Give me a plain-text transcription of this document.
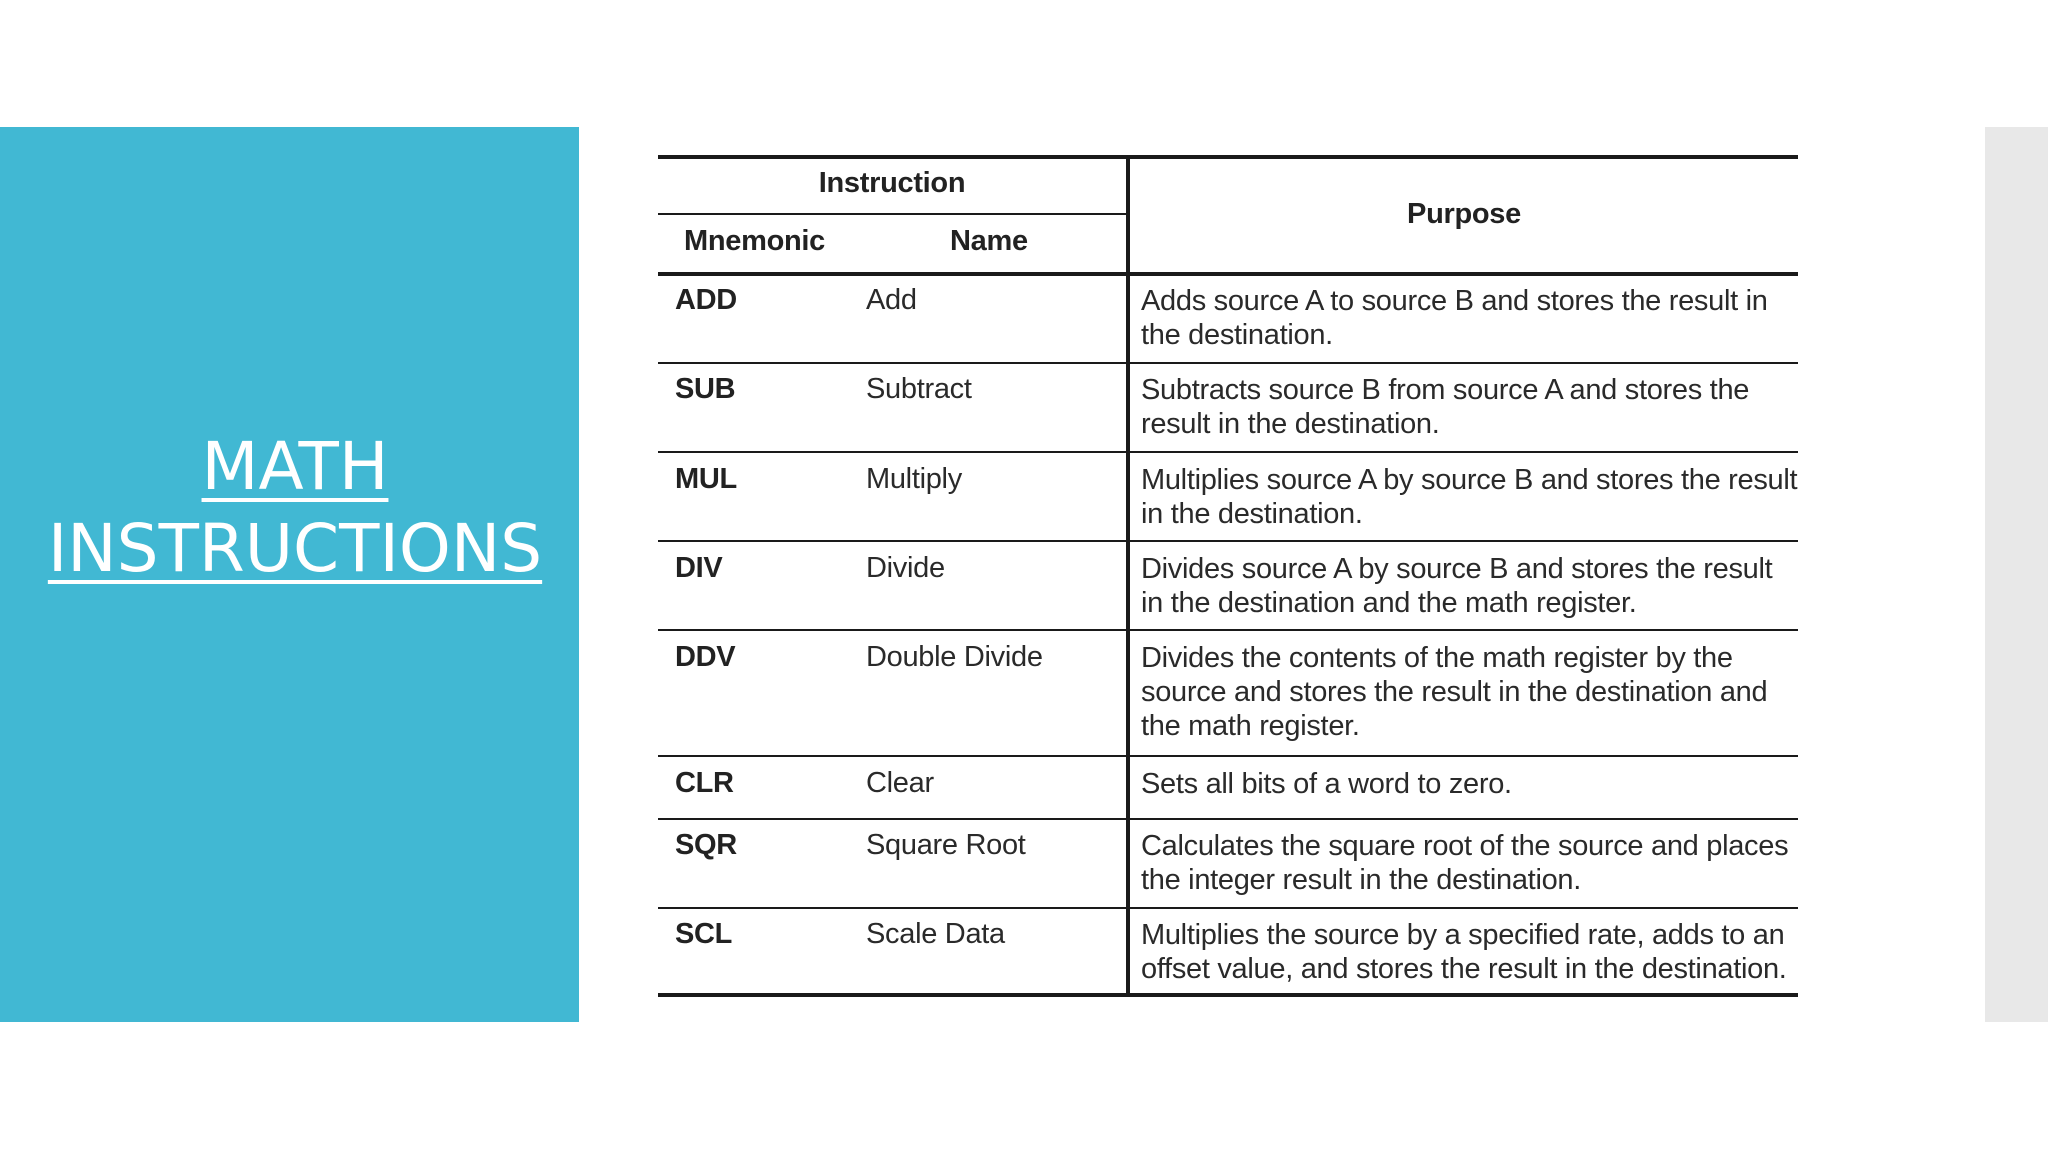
MATH
INSTRUCTIONS
Instruction
Mnemonic	Name
Purpose
ADD	Add	Adds source A to source B and stores the result in the destination.
SUB	Subtract	Subtracts source B from source A and stores the result in the destination.
MUL	Multiply	Multiplies source A by source B and stores the result in the destination.
DIV	Divide	Divides source A by source B and stores the result in the destination and the math register.
DDV	Double Divide	Divides the contents of the math register by the source and stores the result in the destination and the math register.
CLR	Clear	Sets all bits of a word to zero.
SQR	Square Root	Calculates the square root of the source and places the integer result in the destination.
SCL	Scale Data	Multiplies the source by a specified rate, adds to an offset value, and stores the result in the destination.
